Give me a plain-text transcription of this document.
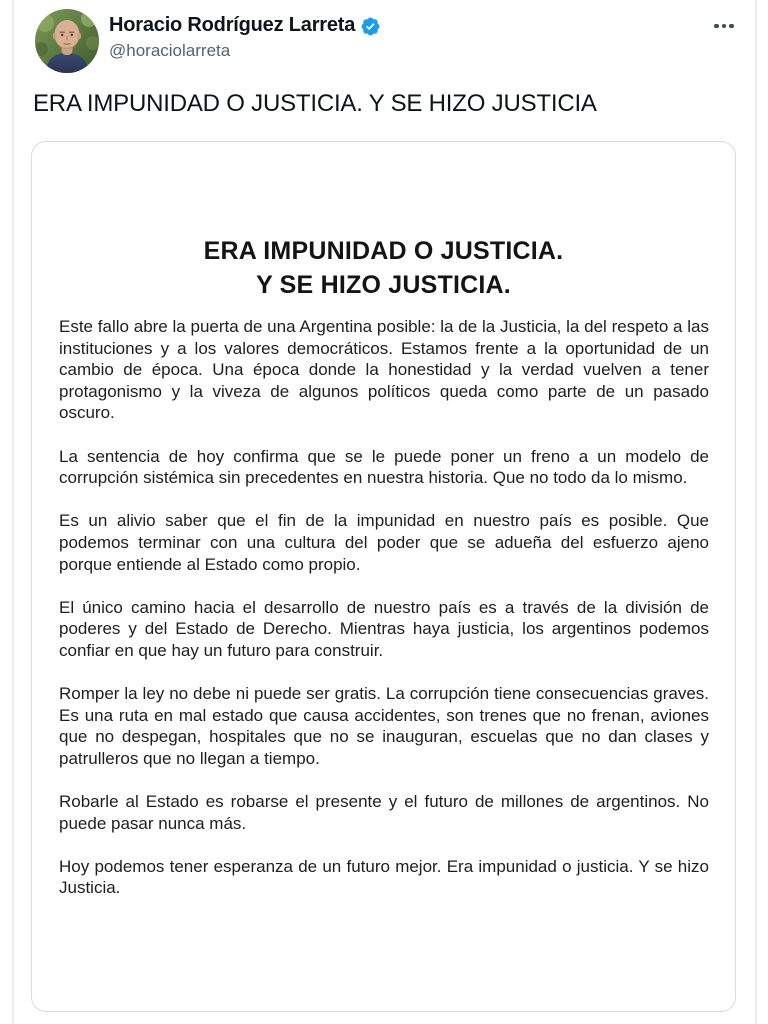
Horacio Rodríguez Larreta
@horaciolarreta
ERA IMPUNIDAD O JUSTICIA. Y SE HIZO JUSTICIA
ERA IMPUNIDAD O JUSTICIA.
Y SE HIZO JUSTICIA.

Este fallo abre la puerta de una Argentina posible: la de la Justicia, la del respeto a las instituciones y a los valores democráticos. Estamos frente a la oportunidad de un cambio de época. Una época donde la honestidad y la verdad vuelven a tener protagonismo y la viveza de algunos políticos queda como parte de un pasado oscuro.

La sentencia de hoy confirma que se le puede poner un freno a un modelo de corrupción sistémica sin precedentes en nuestra historia. Que no todo da lo mismo.

Es un alivio saber que el fin de la impunidad en nuestro país es posible. Que podemos terminar con una cultura del poder que se adueña del esfuerzo ajeno porque entiende al Estado como propio.

El único camino hacia el desarrollo de nuestro país es a través de la división de poderes y del Estado de Derecho. Mientras haya justicia, los argentinos podemos confiar en que hay un futuro para construir.

Romper la ley no debe ni puede ser gratis. La corrupción tiene consecuencias graves. Es una ruta en mal estado que causa accidentes, son trenes que no frenan, aviones que no despegan, hospitales que no se inauguran, escuelas que no dan clases y patrulleros que no llegan a tiempo.

Robarle al Estado es robarse el presente y el futuro de millones de argentinos. No puede pasar nunca más.

Hoy podemos tener esperanza de un futuro mejor. Era impunidad o justicia. Y se hizo Justicia.
